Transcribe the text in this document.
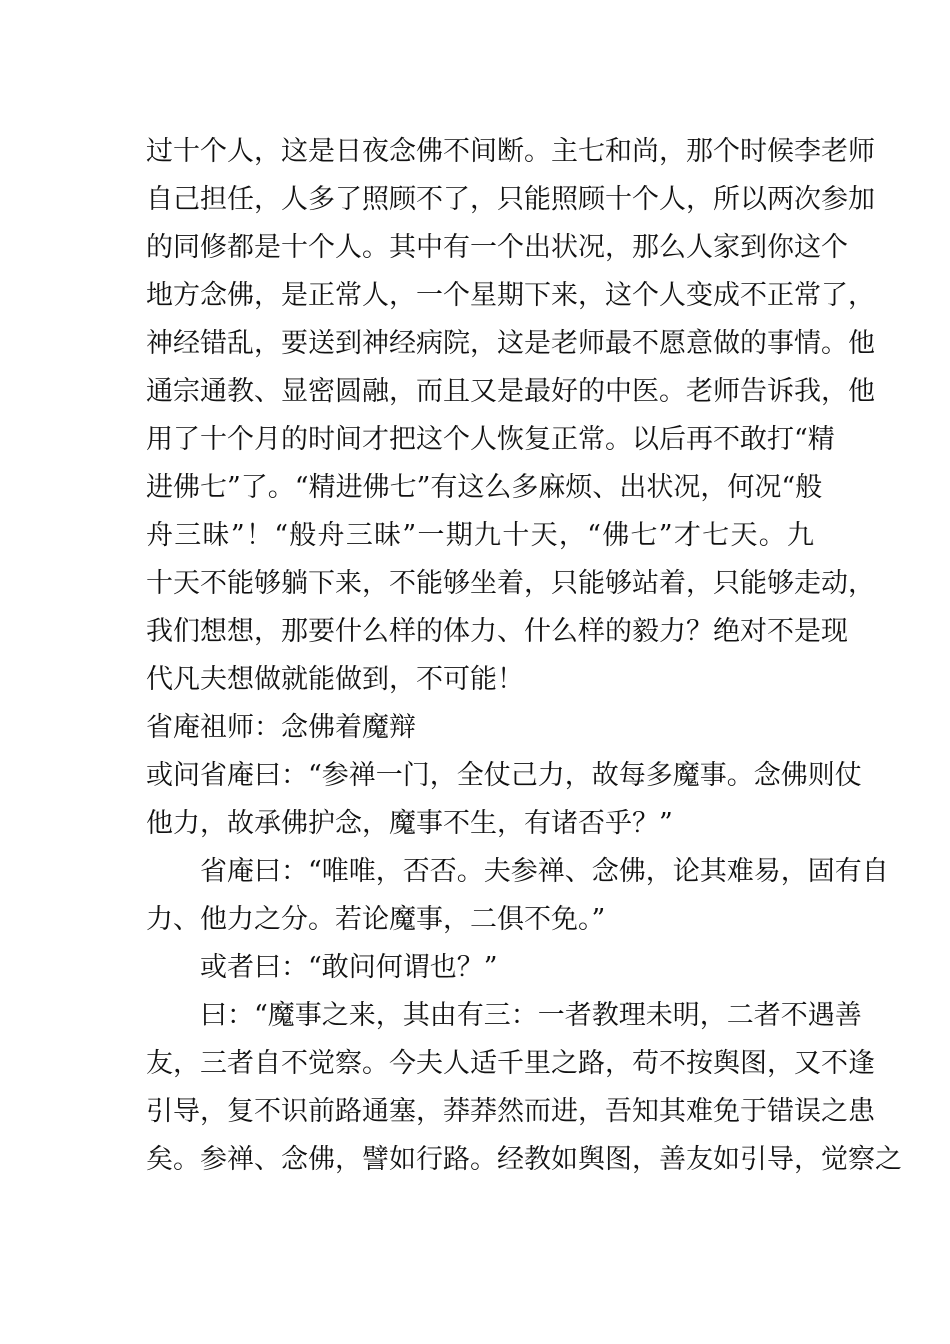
过十个人，这是日夜念佛不间断。主七和尚，那个时候李老师
自己担任，人多了照顾不了，只能照顾十个人，所以两次参加
的同修都是十个人。其中有一个出状况，那么人家到你这个
地方念佛，是正常人，一个星期下来，这个人变成不正常了，
神经错乱，要送到神经病院，这是老师最不愿意做的事情。他
通宗通教、显密圆融，而且又是最好的中医。老师告诉我，他
用了十个月的时间才把这个人恢复正常。以后再不敢打“精
进佛七”了。“精进佛七”有这么多麻烦、出状况，何况“般
舟三昧”！“般舟三昧”一期九十天，“佛七”才七天。九
十天不能够躺下来，不能够坐着，只能够站着，只能够走动，
我们想想，那要什么样的体力、什么样的毅力？绝对不是现
代凡夫想做就能做到，不可能！
省庵祖师：念佛着魔辩
或问省庵曰：“参禅一门，全仗己力，故每多魔事。念佛则仗
他力，故承佛护念，魔事不生，有诸否乎？”
省庵曰：“唯唯，否否。夫参禅、念佛，论其难易，固有自
力、他力之分。若论魔事，二俱不免。”
或者曰：“敢问何谓也？”
曰：“魔事之来，其由有三：一者教理未明，二者不遇善
友，三者自不觉察。今夫人适千里之路，苟不按舆图，又不逢
引导，复不识前路通塞，莽莽然而进，吾知其难免于错误之患
矣。参禅、念佛，譬如行路。经教如舆图，善友如引导，觉察之
